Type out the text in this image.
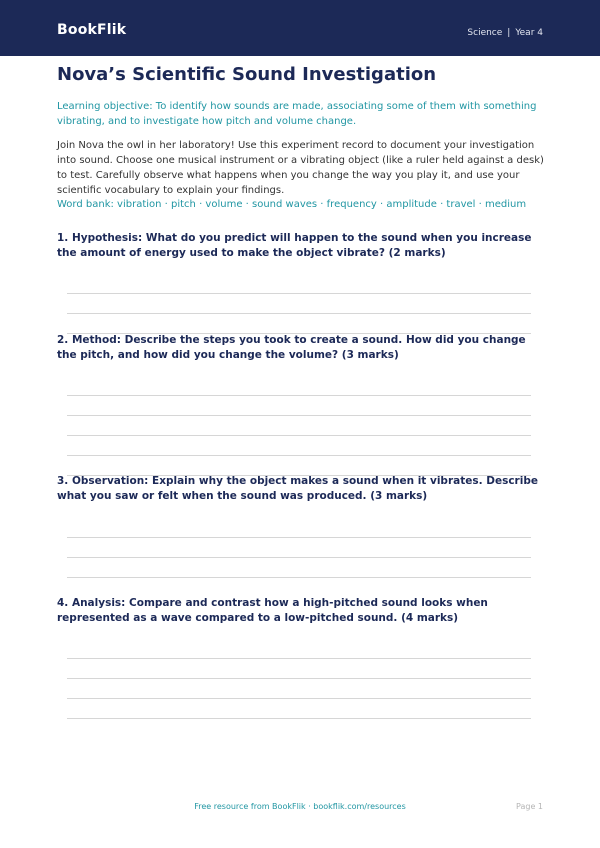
BookFlik	Science | Year 4
Nova’s Scientific Sound Investigation

Learning objective: To identify how sounds are made, associating some of them with something vibrating, and to investigate how pitch and volume change.

Join Nova the owl in her laboratory! Use this experiment record to document your investigation into sound. Choose one musical instrument or a vibrating object (like a ruler held against a desk) to test. Carefully observe what happens when you change the way you play it, and use your scientific vocabulary to explain your findings.

Word bank: vibration · pitch · volume · sound waves · frequency · amplitude · travel · medium

1. Hypothesis: What do you predict will happen to the sound when you increase the amount of energy used to make the object vibrate? (2 marks)

2. Method: Describe the steps you took to create a sound. How did you change the pitch, and how did you change the volume? (3 marks)

3. Observation: Explain why the object makes a sound when it vibrates. Describe what you saw or felt when the sound was produced. (3 marks)

4. Analysis: Compare and contrast how a high-pitched sound looks when represented as a wave compared to a low-pitched sound. (4 marks)

Free resource from BookFlik · bookflik.com/resources	Page 1
